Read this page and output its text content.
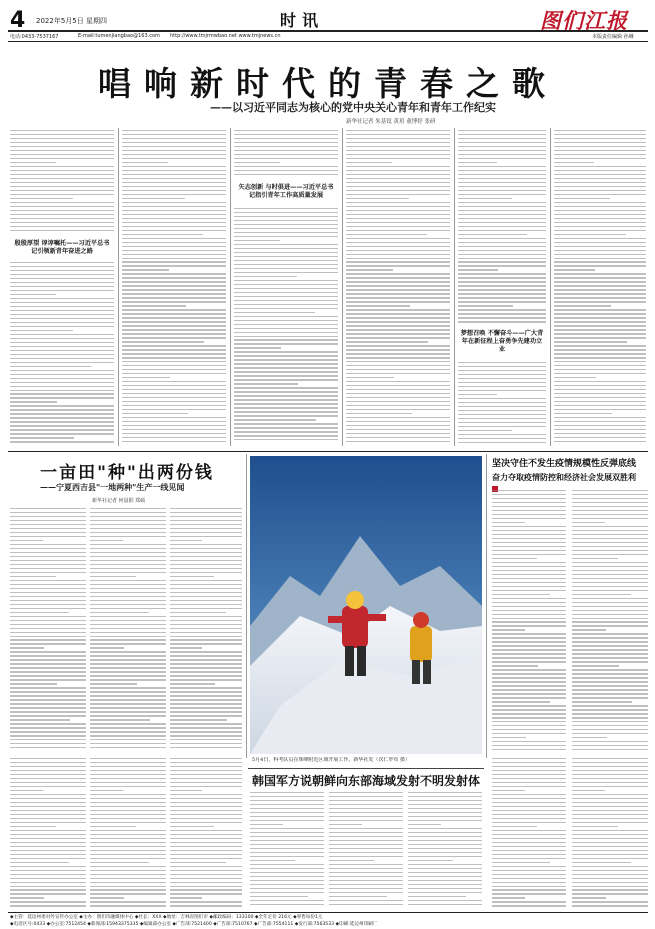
4 2022年5月5日 星期四	时讯	图们江报
电话:0433-7537167	E-mail:tumenjiangbao@163.com http://www.tmjrmwbao.net www.tmjnews.cn	本版责任编辑 孙琳
唱响新时代的青春之歌
——以习近平同志为核心的党中央关心青年和青年工作纪实
新华社记者 朱基钗 黄玥 董博婷 张研
殷殷厚望 谆谆嘱托——习近平总书记引领新青年奋进之路
矢志创新 与时俱进——习近平总书记指引青年工作高质量发展
梦想召唤 不懈奋斗——广大青年在新征程上奋勇争先建功立业
一亩田"种"出两份钱
——宁夏西吉县"一地两种"生产一线见闻
新华社记者 何晨阳 郑硕
5月4日，科考队员在珠峰附近区域开展工作。新华社发（次仁罗布 摄）
坚决守住不发生疫情规模性反弹底线
奋力夺取疫情防控和经济社会发展双胜利
韩国军方说朝鲜向东部海域发射不明发射体
◆主管：延边州委对外宣传办公室 ◆主办：图们市融媒体中心 ◆社长：XXX ◆地址：吉林省图们市 ◆邮政编码：133100 ◆全年定价 216元 ◆零售每份1元
◆电话区号:0433 ◆办公室:7512454 ◆新闻部:15943375335 ◆编辑部办公室 ◆广告部:7521400 ◆广告部:7510767 ◆广告部:7554111 ◆发行部:7563533 ◆印刷:延边州印刷厂
